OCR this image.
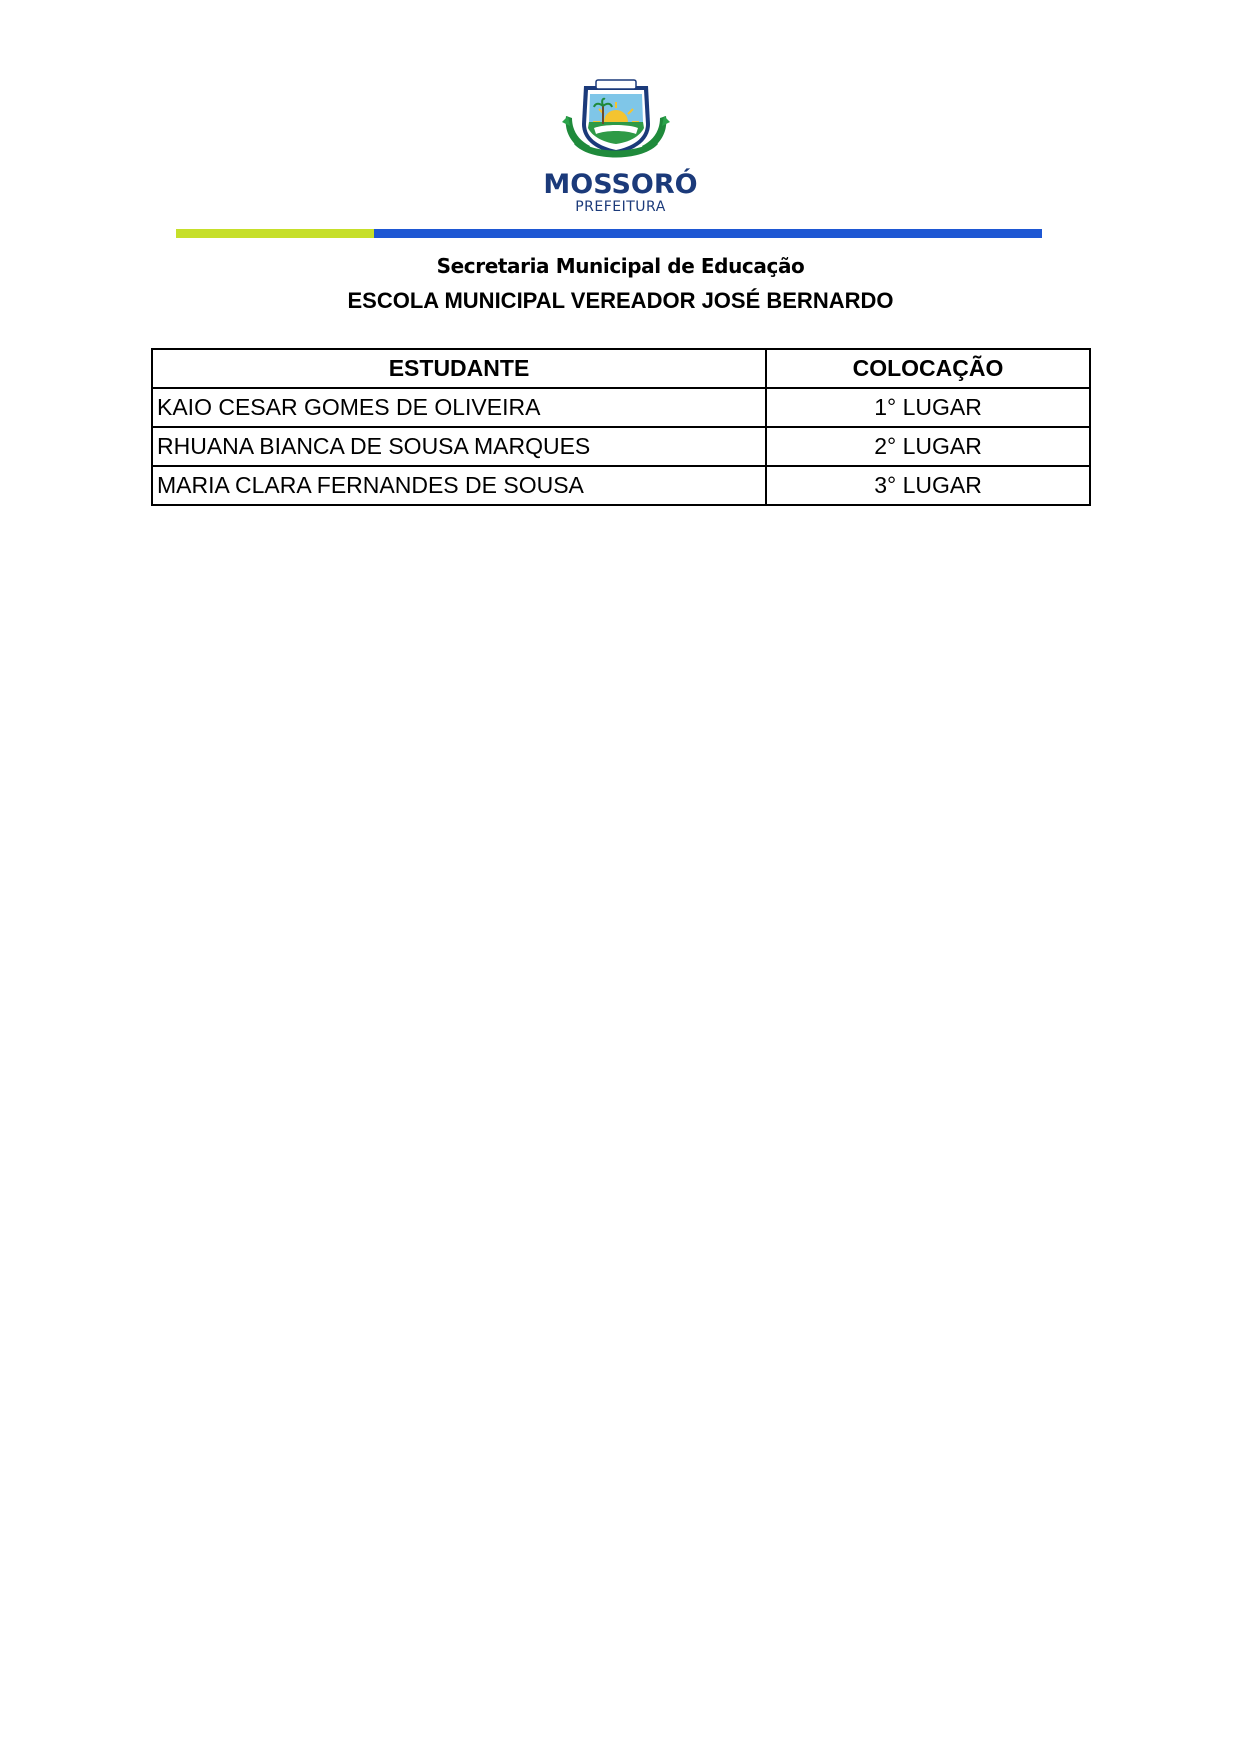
MOSSORÓ
PREFEITURA
Secretaria Municipal de Educação
ESCOLA MUNICIPAL VEREADOR JOSÉ BERNARDO
ESTUDANTE	COLOCAÇÃO
KAIO CESAR GOMES DE OLIVEIRA	1° LUGAR
RHUANA BIANCA DE SOUSA MARQUES	2° LUGAR
MARIA CLARA FERNANDES DE SOUSA	3° LUGAR
